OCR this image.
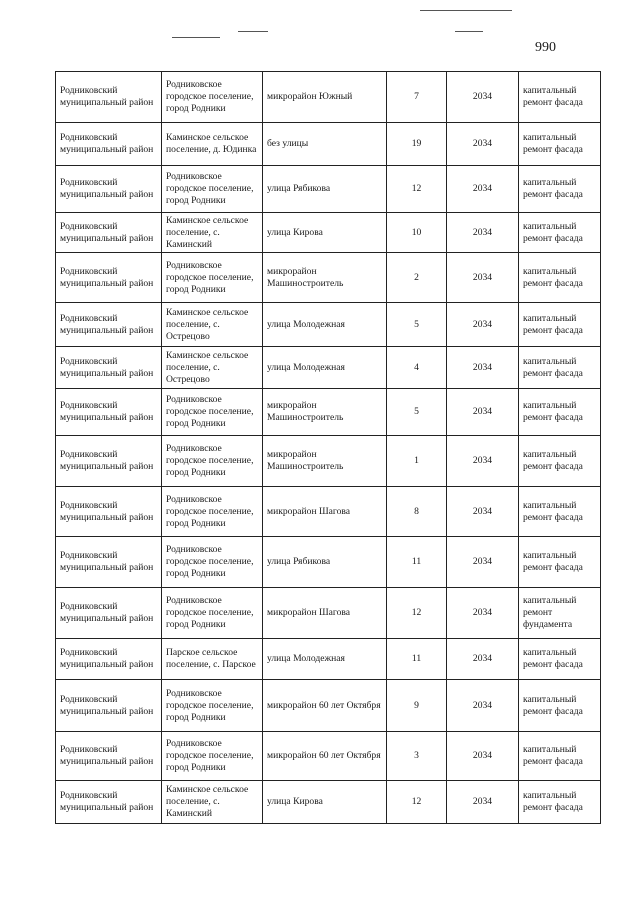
990
Родниковский муниципальный район	Родниковское городское поселение, город Родники	микрорайон Южный	7	2034	капитальный ремонт фасада
Родниковский муниципальный район	Каминское сельское поселение, д. Юдинка	без улицы	19	2034	капитальный ремонт фасада
Родниковский муниципальный район	Родниковское городское поселение, город Родники	улица Рябикова	12	2034	капитальный ремонт фасада
Родниковский муниципальный район	Каминское сельское поселение, с. Каминский	улица Кирова	10	2034	капитальный ремонт фасада
Родниковский муниципальный район	Родниковское городское поселение, город Родники	микрорайон Машиностроитель	2	2034	капитальный ремонт фасада
Родниковский муниципальный район	Каминское сельское поселение, с. Острецово	улица Молодежная	5	2034	капитальный ремонт фасада
Родниковский муниципальный район	Каминское сельское поселение, с. Острецово	улица Молодежная	4	2034	капитальный ремонт фасада
Родниковский муниципальный район	Родниковское городское поселение, город Родники	микрорайон Машиностроитель	5	2034	капитальный ремонт фасада
Родниковский муниципальный район	Родниковское городское поселение, город Родники	микрорайон Машиностроитель	1	2034	капитальный ремонт фасада
Родниковский муниципальный район	Родниковское городское поселение, город Родники	микрорайон Шагова	8	2034	капитальный ремонт фасада
Родниковский муниципальный район	Родниковское городское поселение, город Родники	улица Рябикова	11	2034	капитальный ремонт фасада
Родниковский муниципальный район	Родниковское городское поселение, город Родники	микрорайон Шагова	12	2034	капитальный ремонт фундамента
Родниковский муниципальный район	Парское сельское поселение, с. Парское	улица Молодежная	11	2034	капитальный ремонт фасада
Родниковский муниципальный район	Родниковское городское поселение, город Родники	микрорайон 60 лет Октября	9	2034	капитальный ремонт фасада
Родниковский муниципальный район	Родниковское городское поселение, город Родники	микрорайон 60 лет Октября	3	2034	капитальный ремонт фасада
Родниковский муниципальный район	Каминское сельское поселение, с. Каминский	улица Кирова	12	2034	капитальный ремонт фасада
